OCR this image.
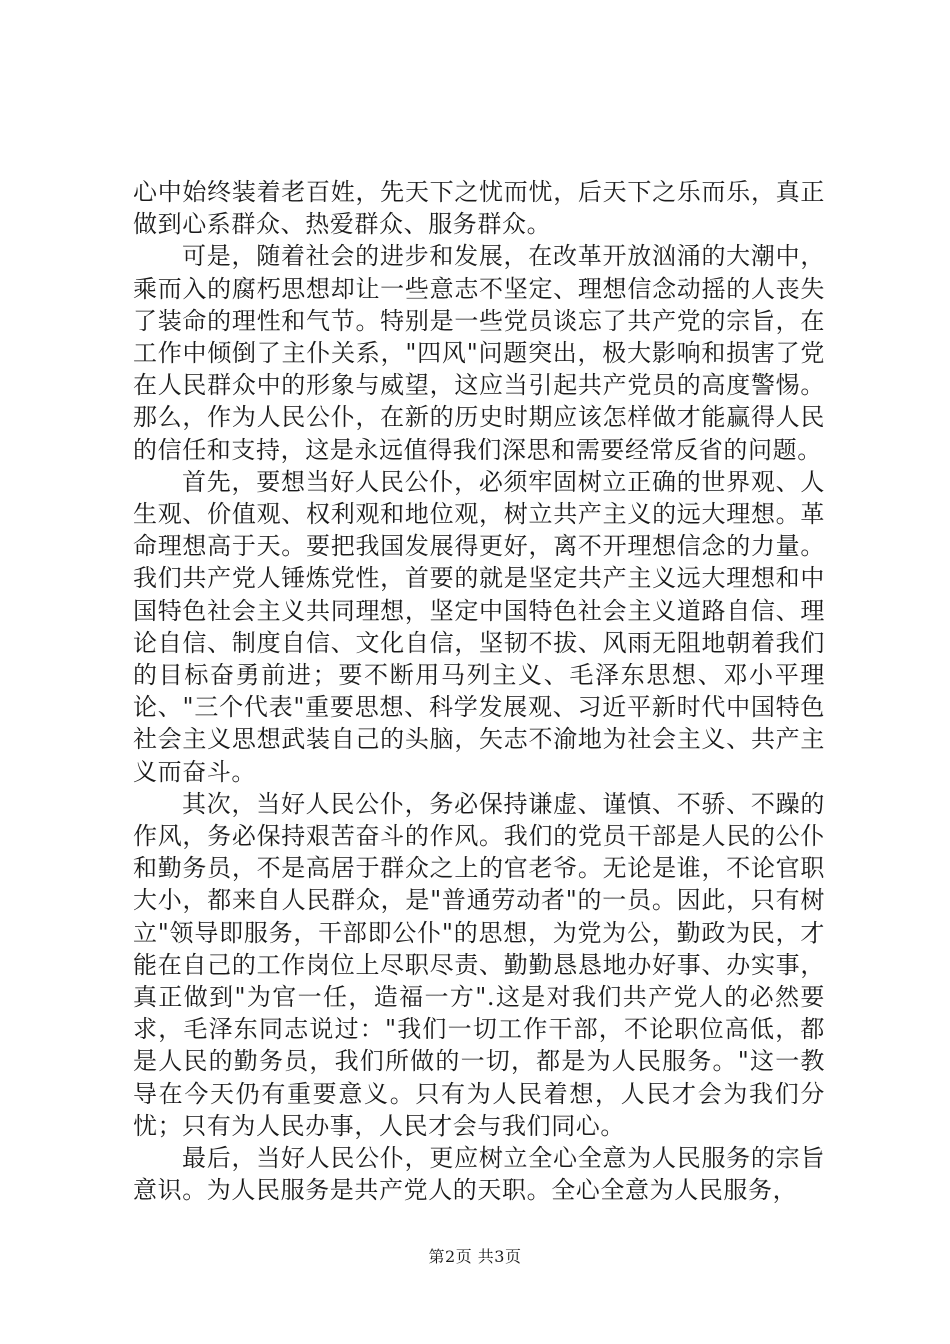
心中始终装着老百姓，先天下之忧而忧，后天下之乐而乐，真正做到心系群众、热爱群众、服务群众。

可是，随着社会的进步和发展，在改革开放汹涌的大潮中，乘而入的腐朽思想却让一些意志不坚定、理想信念动摇的人丧失了装命的理性和气节。特别是一些党员谈忘了共产党的宗旨，在工作中倾倒了主仆关系，"四风"问题突出，极大影响和损害了党在人民群众中的形象与威望，这应当引起共产党员的高度警惕。那么，作为人民公仆，在新的历史时期应该怎样做才能赢得人民的信任和支持，这是永远值得我们深思和需要经常反省的问题。

首先，要想当好人民公仆，必须牢固树立正确的世界观、人生观、价值观、权利观和地位观，树立共产主义的远大理想。革命理想高于天。要把我国发展得更好，离不开理想信念的力量。我们共产党人锤炼党性，首要的就是坚定共产主义远大理想和中国特色社会主义共同理想，坚定中国特色社会主义道路自信、理论自信、制度自信、文化自信，坚韧不拔、风雨无阻地朝着我们的目标奋勇前进；要不断用马列主义、毛泽东思想、邓小平理论、"三个代表"重要思想、科学发展观、习近平新时代中国特色社会主义思想武装自己的头脑，矢志不渝地为社会主义、共产主义而奋斗。

其次，当好人民公仆，务必保持谦虚、谨慎、不骄、不躁的作风，务必保持艰苦奋斗的作风。我们的党员干部是人民的公仆和勤务员，不是高居于群众之上的官老爷。无论是谁，不论官职大小，都来自人民群众，是"普通劳动者"的一员。因此，只有树立"领导即服务，干部即公仆"的思想，为党为公，勤政为民，才能在自己的工作岗位上尽职尽责、勤勤恳恳地办好事、办实事，真正做到"为官一任，造福一方".这是对我们共产党人的必然要求，毛泽东同志说过："我们一切工作干部，不论职位高低，都是人民的勤务员，我们所做的一切，都是为人民服务。"这一教导在今天仍有重要意义。只有为人民着想，人民才会为我们分忧；只有为人民办事，人民才会与我们同心。

最后，当好人民公仆，更应树立全心全意为人民服务的宗旨意识。为人民服务是共产党人的天职。全心全意为人民服务，

第2页 共3页
